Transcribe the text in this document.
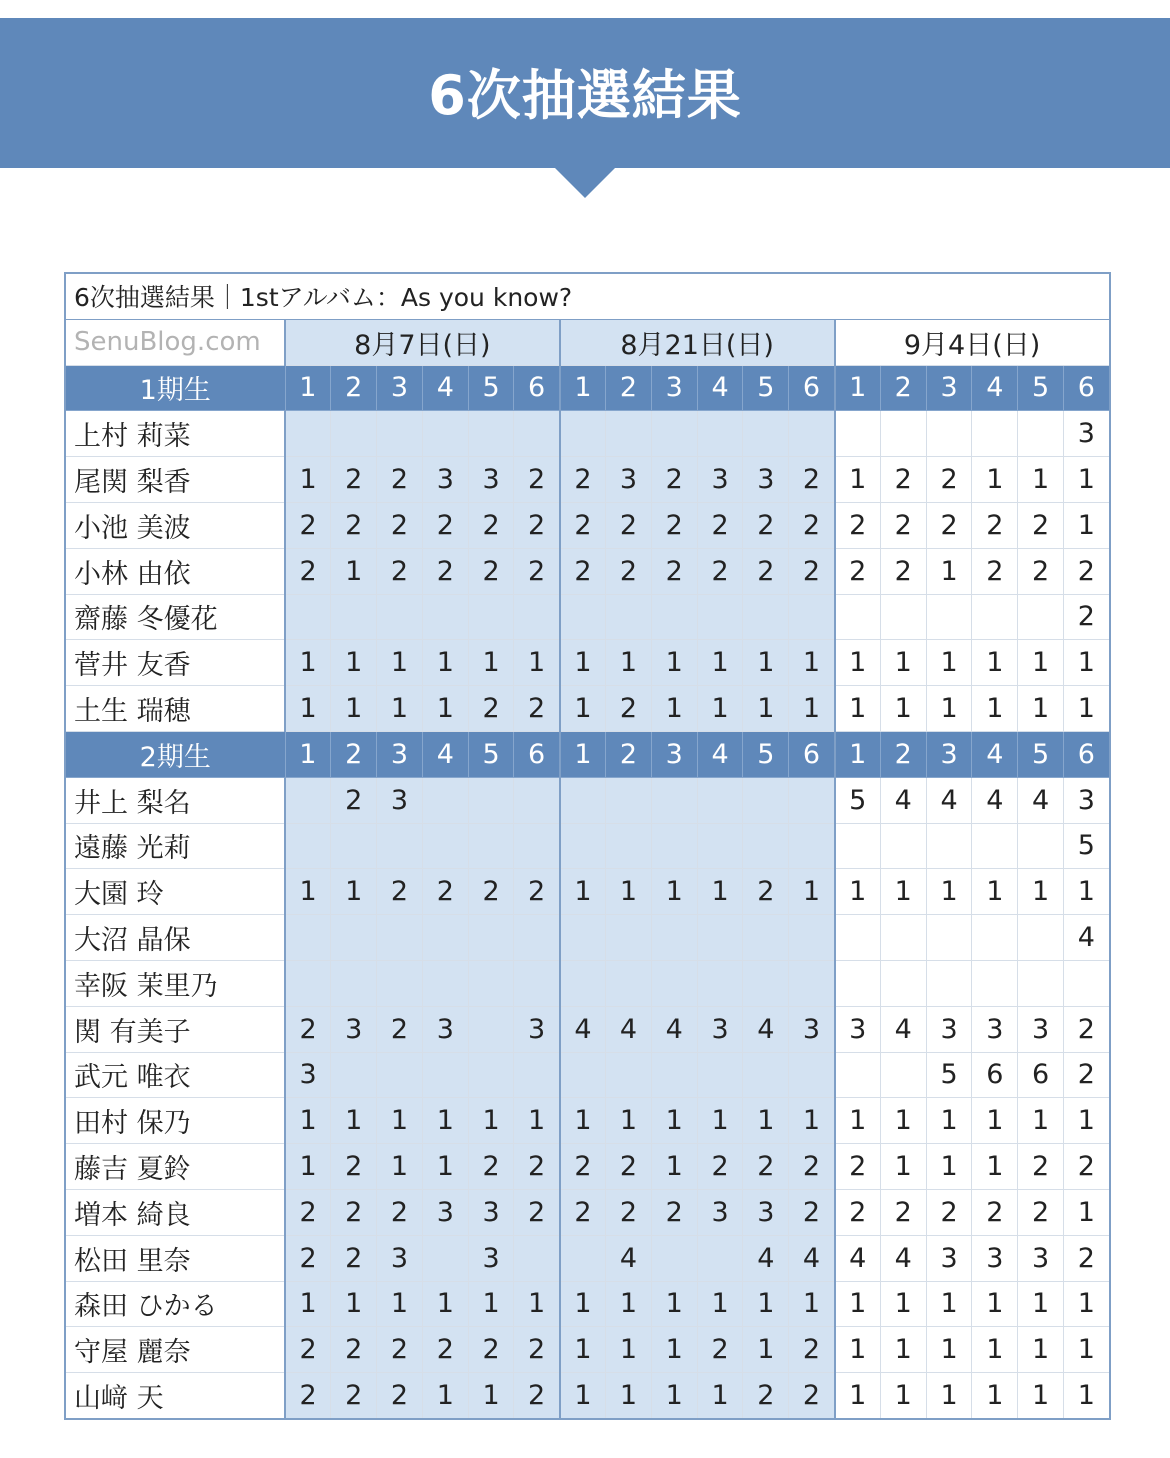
6次抽選結果
6次抽選結果｜1stアルバム：As you know?																		
SenuBlog.com	8月7日(日)						8月21日(日)						9月4日(日)					
1期生	1	2	3	4	5	6	1	2	3	4	5	6	1	2	3	4	5	6
上村 莉菜																		3
尾関 梨香	1	2	2	3	3	2	2	3	2	3	3	2	1	2	2	1	1	1
小池 美波	2	2	2	2	2	2	2	2	2	2	2	2	2	2	2	2	2	1
小林 由依	2	1	2	2	2	2	2	2	2	2	2	2	2	2	1	2	2	2
齋藤 冬優花																		2
菅井 友香	1	1	1	1	1	1	1	1	1	1	1	1	1	1	1	1	1	1
土生 瑞穂	1	1	1	1	2	2	1	2	1	1	1	1	1	1	1	1	1	1
2期生	1	2	3	4	5	6	1	2	3	4	5	6	1	2	3	4	5	6
井上 梨名		2	3										5	4	4	4	4	3
遠藤 光莉																		5
大園 玲	1	1	2	2	2	2	1	1	1	1	2	1	1	1	1	1	1	1
大沼 晶保																		4
幸阪 茉里乃																		
関 有美子	2	3	2	3		3	4	4	4	3	4	3	3	4	3	3	3	2
武元 唯衣	3														5	6	6	2
田村 保乃	1	1	1	1	1	1	1	1	1	1	1	1	1	1	1	1	1	1
藤吉 夏鈴	1	2	1	1	2	2	2	2	1	2	2	2	2	1	1	1	2	2
増本 綺良	2	2	2	3	3	2	2	2	2	3	3	2	2	2	2	2	2	1
松田 里奈	2	2	3		3			4			4	4	4	4	3	3	3	2
森田 ひかる	1	1	1	1	1	1	1	1	1	1	1	1	1	1	1	1	1	1
守屋 麗奈	2	2	2	2	2	2	1	1	1	2	1	2	1	1	1	1	1	1
山﨑 天	2	2	2	1	1	2	1	1	1	1	2	2	1	1	1	1	1	1
